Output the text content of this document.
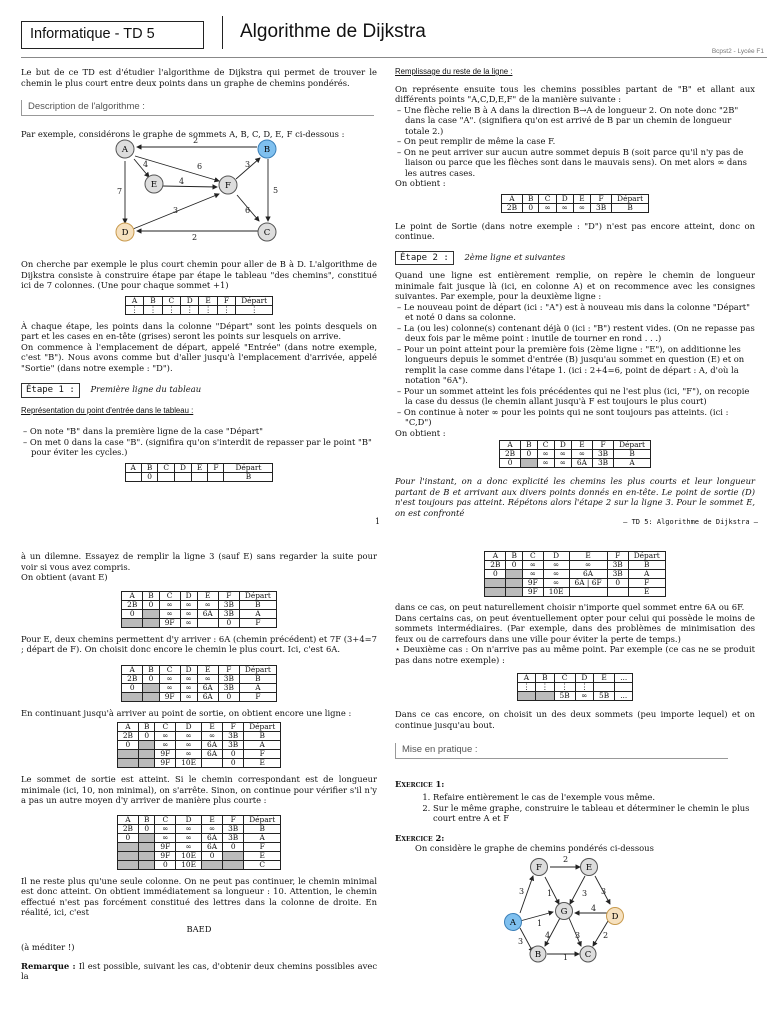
Informatique - TD 5	Algorithme de Dijkstra
Bcpst2 - Lycée F1

Le but de ce TD est d'étudier l'algorithme de Dijkstra qui permet de trouver le chemin le plus court entre deux points dans un graphe de chemins pondérés.

Description de l'algorithme :

Par exemple, considérons le graphe de sommets A, B, C, D, E, F ci-dessous :

2
7
4	6
4
3
5
3	6
2
A	B
E	F
D	C

On cherche par exemple le plus court chemin pour aller de B à D. L'algorithme de Dijkstra consiste à construire étape par étape le tableau "des chemins", constitué ici de 7 colonnes. (Une pour chaque sommet +1)

A	B	C	D	E	F	Départ
⋮	⋮	⋮	⋮	⋮	⋮	⋮

À chaque étape, les points dans la colonne "Départ" sont les points desquels on part et les cases en en-tête (grises) seront les points sur lesquels on arrive.

On commence à l'emplacement de départ, appelé "Entrée" (dans notre exemple, c'est "B"). Nous avons comme but d'aller jusqu'à l'emplacement d'arrivée, appelé "Sortie" (dans notre exemple : "D").

Étape 1 : Première ligne du tableau

Représentation du point d'entrée dans le tableau :

– On note "B" dans la première ligne de la case "Départ"
– On met 0 dans la case "B". (signifira qu'on s'interdit de repasser par le point "B" pour éviter les cycles.)
A	B	C	D	E	F	Départ
	0					B

Remplissage du reste de la ligne :

On représente ensuite tous les chemins possibles partant de "B" et allant aux différents points "A,C,D,E,F" de la manière suivante :

– Une flèche relie B à A dans la direction B→A de longueur 2. On note donc "2B" dans la case "A". (signifiera qu'on est arrivé de B par un chemin de longueur totale 2.)
– On peut remplir de même la case F.
– On ne peut arriver sur aucun autre sommet depuis B (soit parce qu'il n'y pas de liaison ou parce que les flèches sont dans le mauvais sens). On met alors ∞ dans les autres cases.

On obtient :

A	B	C	D	E	F	Départ
2B	0	∞	∞	∞	3B	B

Le point de Sortie (dans notre exemple : "D") n'est pas encore atteint, donc on continue.

Étape 2 : 2ème ligne et suivantes

Quand une ligne est entièrement remplie, on repère le chemin de longueur minimale fait jusque là (ici, en colonne A) et on recommence avec les consignes suivantes. Par exemple, pour la deuxième ligne :

– Le nouveau point de départ (ici : "A") est à nouveau mis dans la colonne "Départ" et noté 0 dans sa colonne.
– La (ou les) colonne(s) contenant déjà 0 (ici : "B") restent vides. (On ne repasse pas deux fois par le même point : inutile de tourner en rond . . .)
– Pour un point atteint pour la première fois (2ème ligne : "E"), on additionne les longueurs depuis le sommet d'entrée (B) jusqu'au sommet en question (E) et on remplit la case comme dans l'étape 1. (ici : 2+4=6, point de départ : A, d'où la notation "6A").
– Pour un sommet atteint les fois précédentes qui ne l'est plus (ici, "F"), on recopie la case du dessus (le chemin allant jusqu'à F est toujours le plus court)
– On continue à noter ∞ pour les points qui ne sont toujours pas atteints. (ici : "C,D")

On obtient :

A	B	C	D	E	F	Départ
2B	0	∞	∞	∞	3B	B
0		∞	∞	6A	3B	A

Pour l'instant, on a donc explicité les chemins les plus courts et leur longueur partant de B et arrivant aux divers points donnés en en-tête. Le point de sortie (D) n'est toujours pas atteint. Répétons alors l'étape 2 sur la ligne 3. Pour le sommet E, on est confronté

1	— TD 5: Algorithme de Dijkstra —

à un dilemne. Essayez de remplir la ligne 3 (sauf E) sans regarder la suite pour voir si vous avez compris.

On obtient (avant E)

A	B	C	D	E	F	Départ
2B	0	∞	∞	∞	3B	B
0		∞	∞	6A	3B	A
		9F	∞		0	F

Pour E, deux chemins permettent d'y arriver : 6A (chemin précédent) et 7F (3+4=7 ; départ de F). On choisit donc encore le chemin le plus court. Ici, c'est 6A.

A	B	C	D	E	F	Départ
2B	0	∞	∞	∞	3B	B
0		∞	∞	6A	3B	A
		9F	∞	6A	0	F

En continuant jusqu'à arriver au point de sortie, on obtient encore une ligne :

A	B	C	D	E	F	Départ
2B	0	∞	∞	∞	3B	B
0		∞	∞	6A	3B	A
		9F	∞	6A	0	F
		9F	10E		0	E

Le sommet de sortie est atteint. Si le chemin correspondant est de longueur minimale (ici, 10, non minimal), on s'arrête. Sinon, on continue pour vérifier s'il n'y a pas un autre moyen d'y arriver de manière plus courte :

A	B	C	D	E	F	Départ
2B	0	∞	∞	∞	3B	B
0		∞	∞	6A	3B	A
		9F	∞	6A	0	F
		9F	10E	0		E
		0	10E			C

Il ne reste plus qu'une seule colonne. On ne peut pas continuer, le chemin minimal est donc atteint. On obtient immédiatement sa longueur : 10. Attention, le chemin effectué n'est pas forcément constitué des lettres dans la colonne de droite. En réalité, ici, c'est

BAED

(à méditer !)

Remarque : Il est possible, suivant les cas, d'obtenir deux chemins possibles avec la

A	B	C	D	E	F	Départ
2B	0	∞	∞	∞	3B	B
0		∞	∞	6A	3B	A
		9F	∞	6A | 6F	0	F
		9F	10E			E

dans ce cas, on peut naturellement choisir n'importe quel sommet entre 6A ou 6F.

Dans certains cas, on peut éventuellement opter pour celui qui possède le moins de sommets intermédiaires. (Par exemple, dans des problèmes de minimisation des feux ou de carrefours dans une ville pour éviter la perte de temps.)

⋆ Deuxième cas : On n'arrive pas au même point. Par exemple (ce cas ne se produit pas dans notre exemple) :

A	B	C	D	E	...
⋮	⋮	⋮	⋮		
		5B	∞	5B	...

Dans ce cas encore, on choisit un des deux sommets (peu importe lequel) et on continue jusqu'au bout.

Mise en pratique :

Exercice 1:

1. Refaire entièrement le cas de l'exemple vous même.
2. Sur le même graphe, construire le tableau et déterminer le chemin le plus court entre A et F

Exercice 2:

On considère le graphe de chemins pondérés ci-dessous

2
3	1	3 3
1
4
3
4	3	2
1
F	E
A
G	D
B	C
